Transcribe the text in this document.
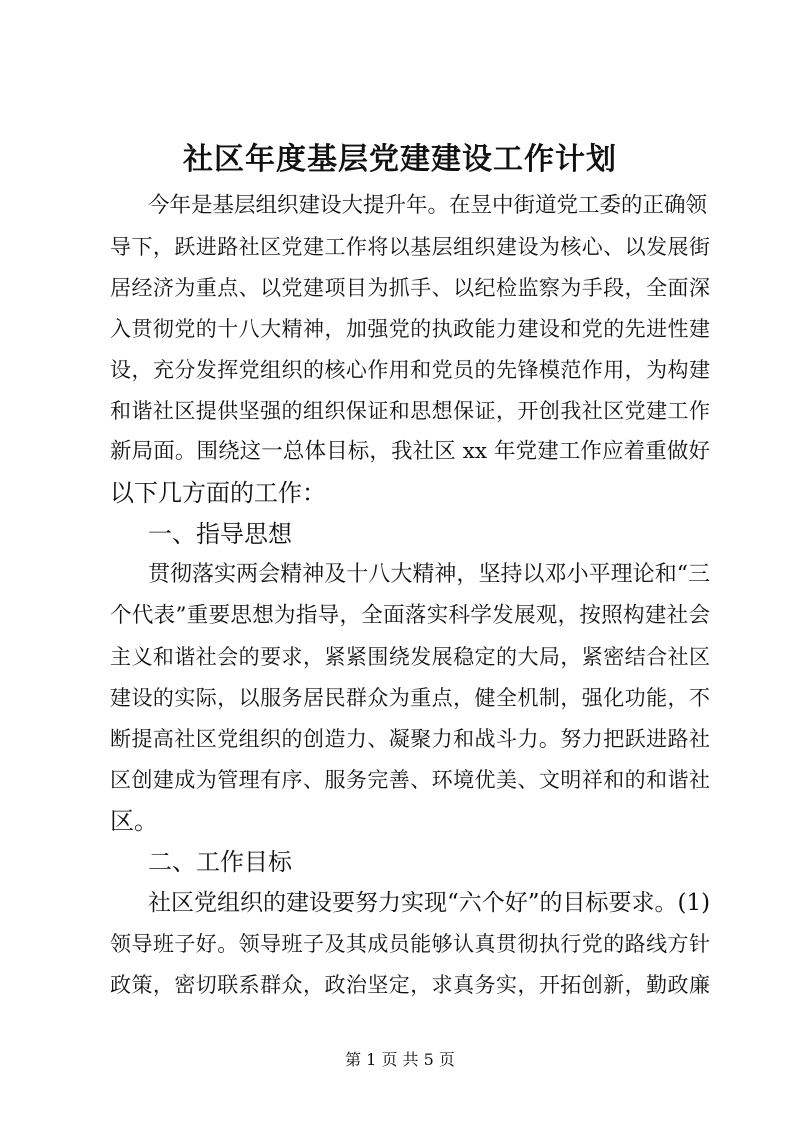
社区年度基层党建建设工作计划
今年是基层组织建设大提升年。在昱中街道党工委的正确领
导下，跃进路社区党建工作将以基层组织建设为核心、以发展街
居经济为重点、以党建项目为抓手、以纪检监察为手段，全面深
入贯彻党的十八大精神，加强党的执政能力建设和党的先进性建
设，充分发挥党组织的核心作用和党员的先锋模范作用，为构建
和谐社区提供坚强的组织保证和思想保证，开创我社区党建工作
新局面。围绕这一总体目标，我社区 xx 年党建工作应着重做好
以下几方面的工作：
一、指导思想
贯彻落实两会精神及十八大精神，坚持以邓小平理论和“三
个代表”重要思想为指导，全面落实科学发展观，按照构建社会
主义和谐社会的要求，紧紧围绕发展稳定的大局，紧密结合社区
建设的实际，以服务居民群众为重点，健全机制，强化功能，不
断提高社区党组织的创造力、凝聚力和战斗力。努力把跃进路社
区创建成为管理有序、服务完善、环境优美、文明祥和的和谐社
区。
二、工作目标
社区党组织的建设要努力实现“六个好”的目标要求。(1)
领导班子好。领导班子及其成员能够认真贯彻执行党的路线方针
政策，密切联系群众，政治坚定，求真务实，开拓创新，勤政廉
第 1 页 共 5 页
